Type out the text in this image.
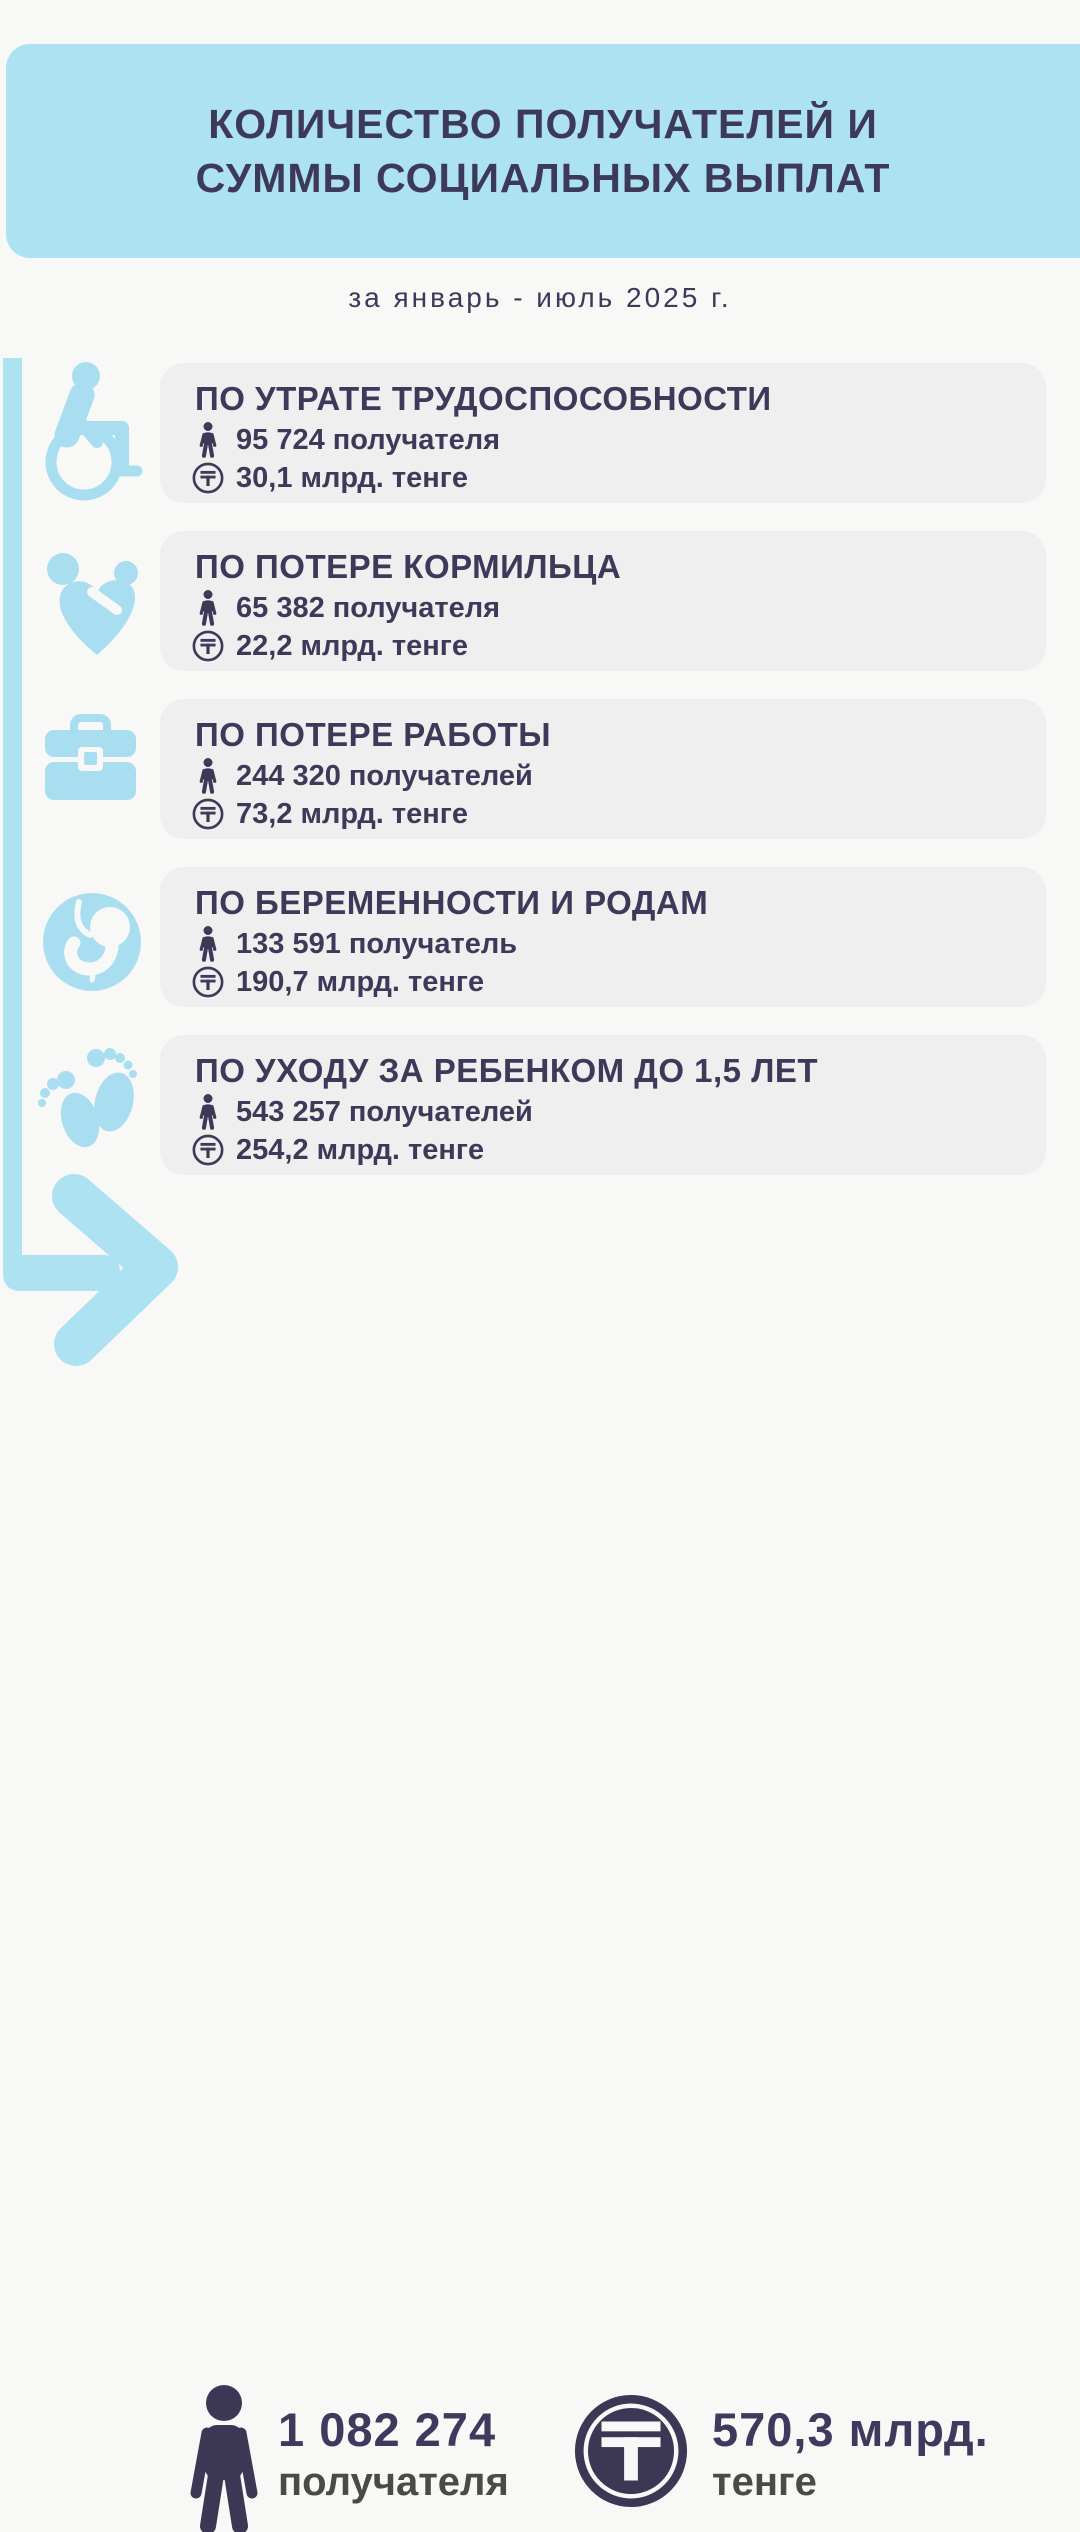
КОЛИЧЕСТВО ПОЛУЧАТЕЛЕЙ И
СУММЫ СОЦИАЛЬНЫХ ВЫПЛАТ
за январь - июль 2025 г.
ПО УТРАТЕ ТРУДОСПОСОБНОСТИ
95 724 получателя
30,1 млрд. тенге
ПО ПОТЕРЕ КОРМИЛЬЦА
65 382 получателя
22,2 млрд. тенге
ПО ПОТЕРЕ РАБОТЫ
244 320 получателей
73,2 млрд. тенге
ПО БЕРЕМЕННОСТИ И РОДАМ
133 591 получатель
190,7 млрд. тенге
ПО УХОДУ ЗА РЕБЕНКОМ ДО 1,5 ЛЕТ
543 257 получателей
254,2 млрд. тенге
1 082 274
получателя
570,3 млрд.
тенге
